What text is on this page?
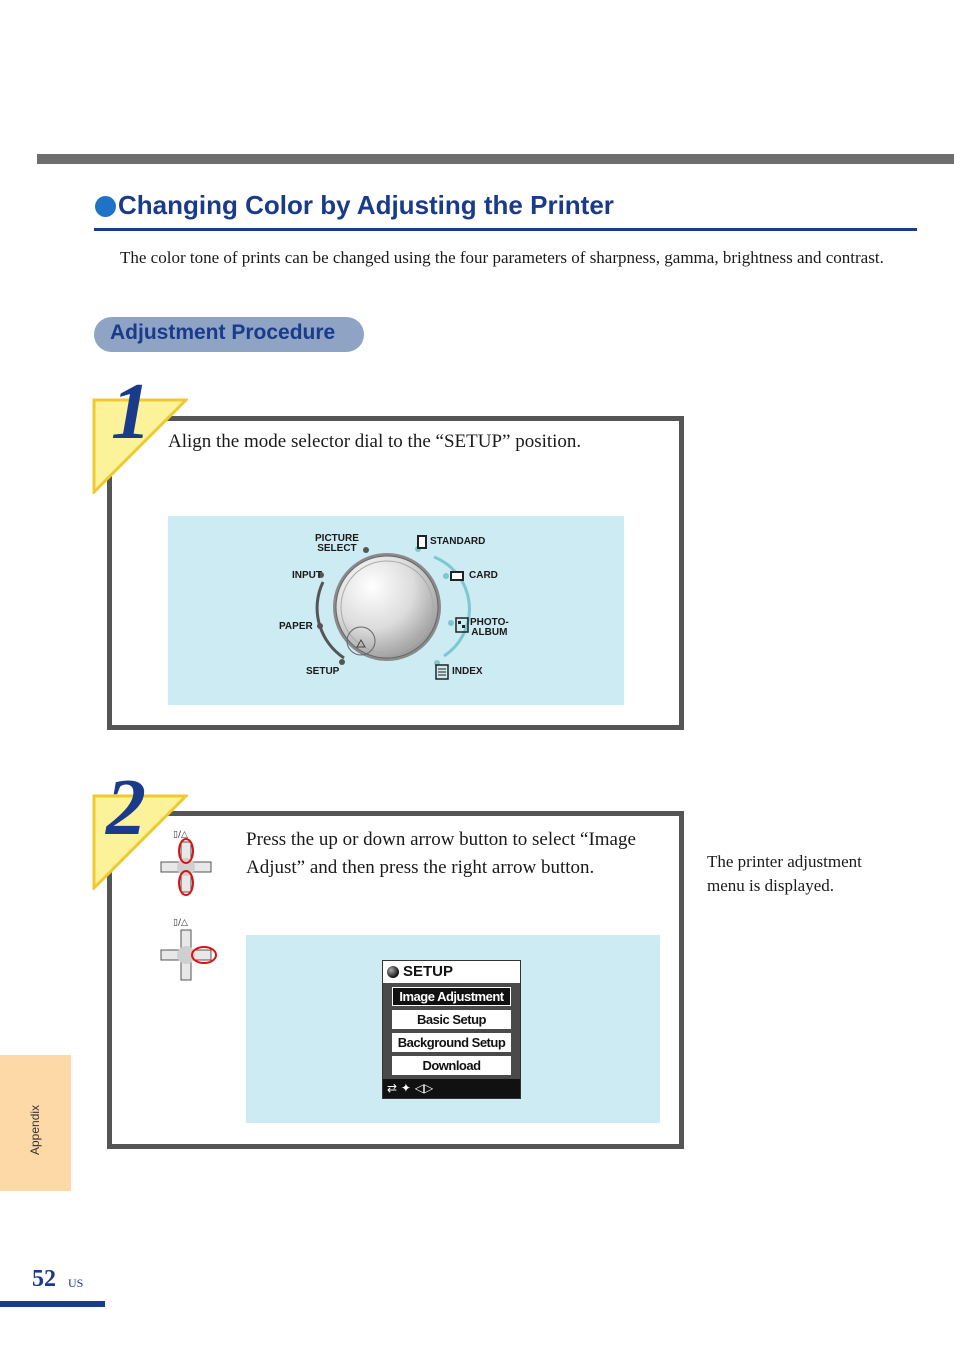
Changing Color by Adjusting the Printer
The color tone of prints can be changed using the four parameters of sharpness, gamma, brightness and contrast.
Adjustment Procedure
1 Align the mode selector dial to the “SETUP” position.
PICTURE
SELECT
INPUT
PAPER
SETUP
STANDARD
CARD
PHOTO-
ALBUM
INDEX
2	Press the up or down arrow button to select “Image Adjust” and then press the right arrow button.
▯/△
▯/△
SETUP
Image Adjustment
Basic Setup
Background Setup
Download
⇄ ✦ ◁▷
The printer adjustment menu is displayed.
Appendix
52 US
